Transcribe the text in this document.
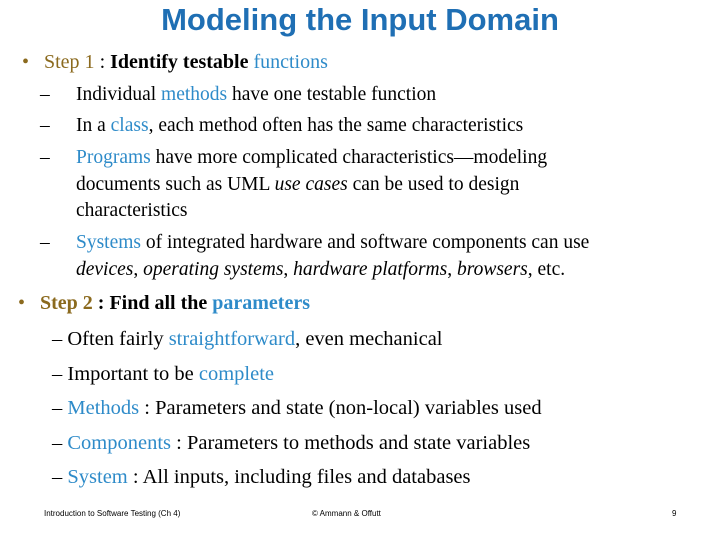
Modeling the Input Domain
• Step 1 : Identify testable functions
– Individual methods have one testable function
– In a class, each method often has the same characteristics
– Programs have more complicated characteristics—modeling
documents such as UML use cases can be used to design
characteristics
– Systems of integrated hardware and software components can use
devices, operating systems, hardware platforms, browsers, etc.
• Step 2 : Find all the parameters
– Often fairly straightforward, even mechanical
– Important to be complete
– Methods : Parameters and state (non-local) variables used
– Components : Parameters to methods and state variables
– System : All inputs, including files and databases
Introduction to Software Testing (Ch 4)	© Ammann & Offutt	9
